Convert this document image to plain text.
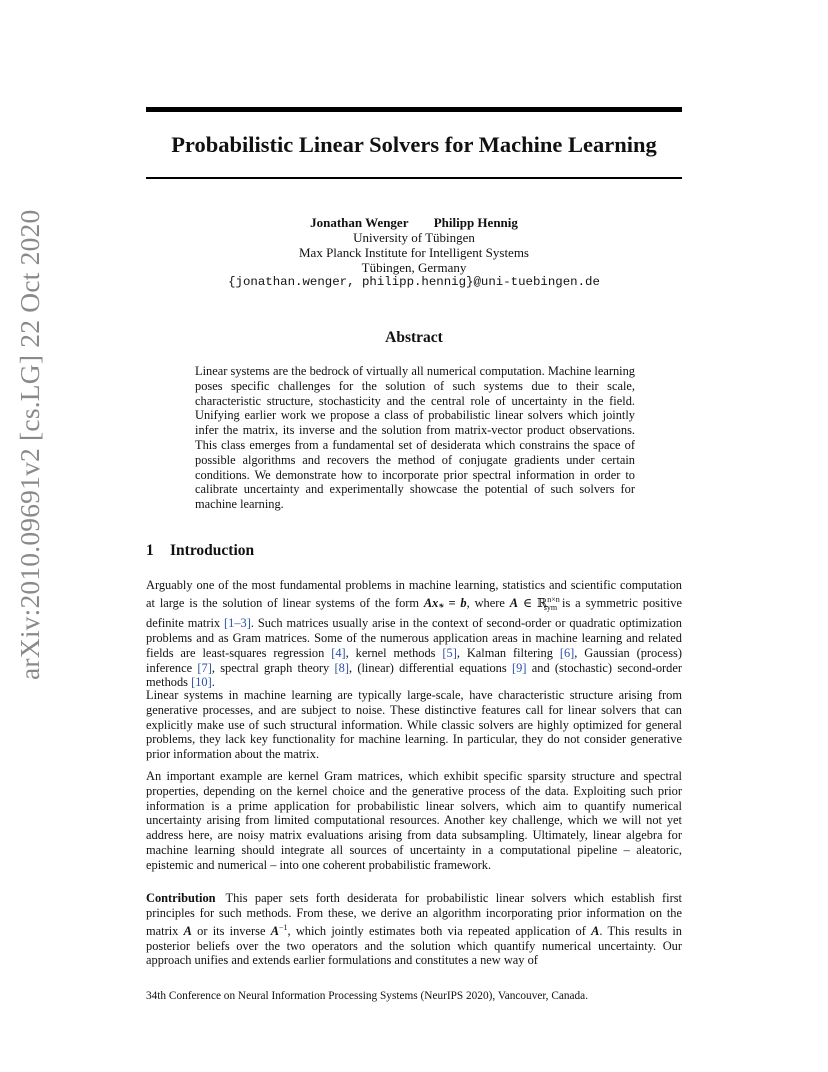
arXiv:2010.09691v2 [cs.LG] 22 Oct 2020
Probabilistic Linear Solvers for Machine Learning
Jonathan Wenger Philipp Hennig
University of Tübingen
Max Planck Institute for Intelligent Systems
Tübingen, Germany
{jonathan.wenger, philipp.hennig}@uni-tuebingen.de
Abstract

Linear systems are the bedrock of virtually all numerical computation. Machine learning poses specific challenges for the solution of such systems due to their scale, characteristic structure, stochasticity and the central role of uncertainty in the field. Unifying earlier work we propose a class of probabilistic linear solvers which jointly infer the matrix, its inverse and the solution from matrix-vector product observations. This class emerges from a fundamental set of desiderata which constrains the space of possible algorithms and recovers the method of conjugate gradients under certain conditions. We demonstrate how to incorporate prior spectral information in order to calibrate uncertainty and experimentally showcase the potential of such solvers for machine learning.

1 Introduction

Arguably one of the most fundamental problems in machine learning, statistics and scientific computation at large is the solution of linear systems of the form $Ax_* = b$, where A ∈ ℝ$^{n\times n}_{sym}$ is a symmetric positive definite matrix [1–3]. Such matrices usually arise in the context of second-order or quadratic optimization problems and as Gram matrices. Some of the numerous application areas in machine learning and related fields are least-squares regression [4], kernel methods [5], Kalman filtering [6], Gaussian (process) inference [7], spectral graph theory [8], (linear) differential equations [9] and (stochastic) second-order methods [10].

Linear systems in machine learning are typically large-scale, have characteristic structure arising from generative processes, and are subject to noise. These distinctive features call for linear solvers that can explicitly make use of such structural information. While classic solvers are highly optimized for general problems, they lack key functionality for machine learning. In particular, they do not consider generative prior information about the matrix.

An important example are kernel Gram matrices, which exhibit specific sparsity structure and spectral properties, depending on the kernel choice and the generative process of the data. Exploiting such prior information is a prime application for probabilistic linear solvers, which aim to quantify numerical uncertainty arising from limited computational resources. Another key challenge, which we will not yet address here, are noisy matrix evaluations arising from data subsampling. Ultimately, linear algebra for machine learning should integrate all sources of uncertainty in a computational pipeline – aleatoric, epistemic and numerical – into one coherent probabilistic framework.

Contribution This paper sets forth desiderata for probabilistic linear solvers which establish first principles for such methods. From these, we derive an algorithm incorporating prior information on the matrix A or its inverse $A^{-1}$, which jointly estimates both via repeated application of A. This results in posterior beliefs over the two operators and the solution which quantify numerical uncertainty. Our approach unifies and extends earlier formulations and constitutes a new way of

34th Conference on Neural Information Processing Systems (NeurIPS 2020), Vancouver, Canada.
